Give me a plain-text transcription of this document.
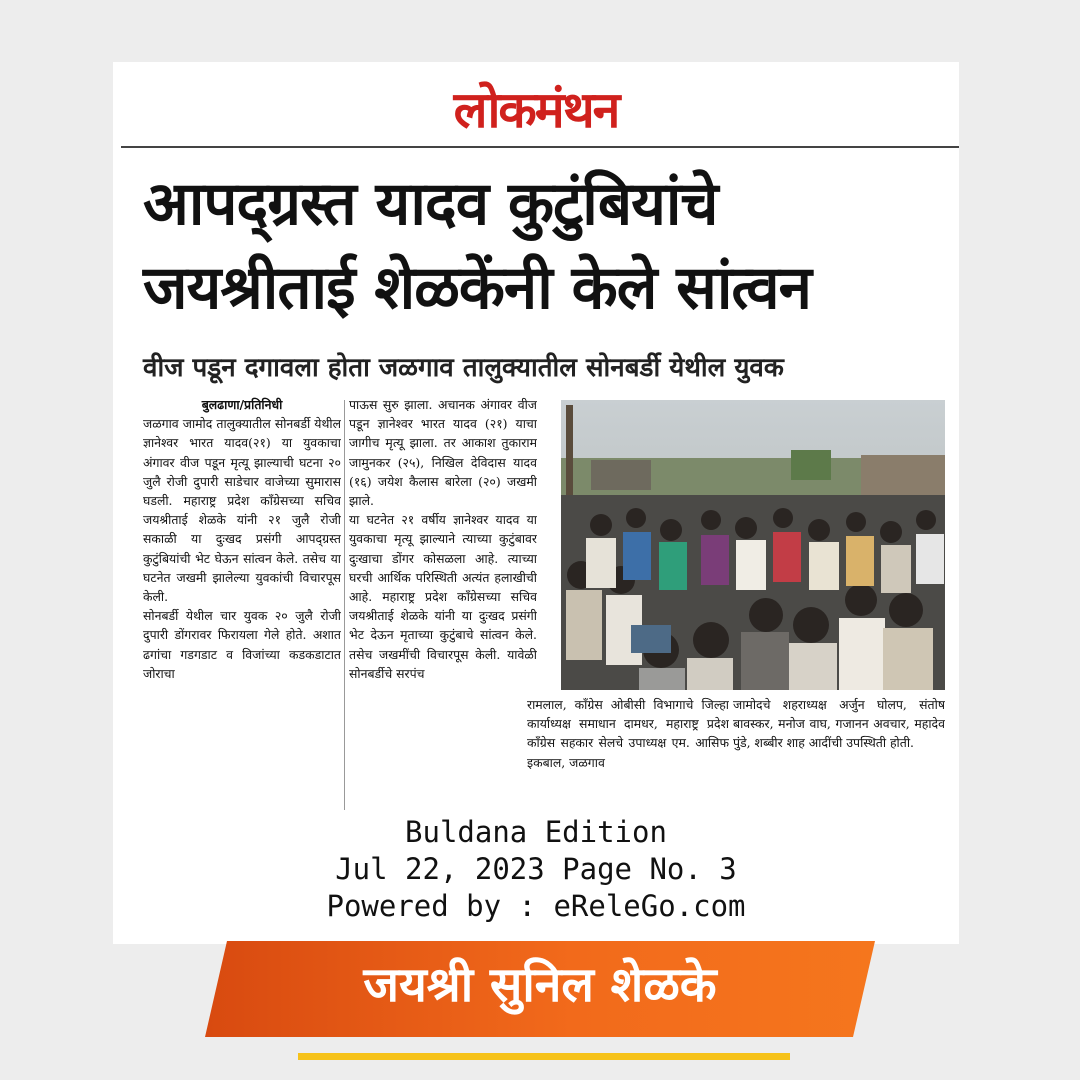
लोकमंथन
आपद्ग्रस्त यादव कुटुंबियांचे
जयश्रीताई शेळकेंनी केले सांत्वन
वीज पडून दगावला होता जळगाव तालुक्यातील सोनबर्डी येथील युवक

बुलढाणा/प्रतिनिधी

जळगाव जामोद तालुक्यातील सोनबर्डी येथील ज्ञानेश्वर भारत यादव(२१) या युवकाचा अंगावर वीज पडून मृत्यू झाल्याची घटना २० जुलै रोजी दुपारी साडेचार वाजेच्या सुमारास घडली. महाराष्ट्र प्रदेश काँग्रेसच्या सचिव जयश्रीताई शेळके यांनी २१ जुलै रोजी सकाळी या दुःखद प्रसंगी आपद्ग्रस्त कुटुंबियांची भेट घेऊन सांत्वन केले. तसेच या घटनेत जखमी झालेल्या युवकांची विचारपूस केली.

सोनबर्डी येथील चार युवक २० जुलै रोजी दुपारी डोंगरावर फिरायला गेले होते. अशात ढगांचा गडगडाट व विजांच्या कडकडाटात जोराचा

पाऊस सुरु झाला. अचानक अंगावर वीज पडून ज्ञानेश्वर भारत यादव (२१) याचा जागीच मृत्यू झाला. तर आकाश तुकाराम जामुनकर (२५), निखिल देविदास यादव (१६) जयेश कैलास बारेला (२०) जखमी झाले.

या घटनेत २१ वर्षीय ज्ञानेश्वर यादव या युवकाचा मृत्यू झाल्याने त्याच्या कुटुंबावर दुःखाचा डोंगर कोसळला आहे. त्याच्या घरची आर्थिक परिस्थिती अत्यंत हलाखीची आहे. महाराष्ट्र प्रदेश काँग्रेसच्या सचिव जयश्रीताई शेळके यांनी या दुःखद प्रसंगी भेट देऊन मृताच्या कुटुंबाचे सांत्वन केले. तसेच जखमींची विचारपूस केली. यावेळी सोनबर्डीचे सरपंच

रामलाल, काँग्रेस ओबीसी विभागाचे जिल्हा कार्याध्यक्ष समाधान दामधर, महाराष्ट्र प्रदेश काँग्रेस सहकार सेलचे उपाध्यक्ष एम. आसिफ इकबाल, जळगाव

जामोदचे शहराध्यक्ष अर्जुन घोलप, संतोष बावस्कर, मनोज वाघ, गजानन अवचार, महादेव पुंडे, शब्बीर शाह आदींची उपस्थिती होती.

Buldana Edition
Jul 22, 2023 Page No. 3
Powered by : eReleGo.com
जयश्री सुनिल शेळके
